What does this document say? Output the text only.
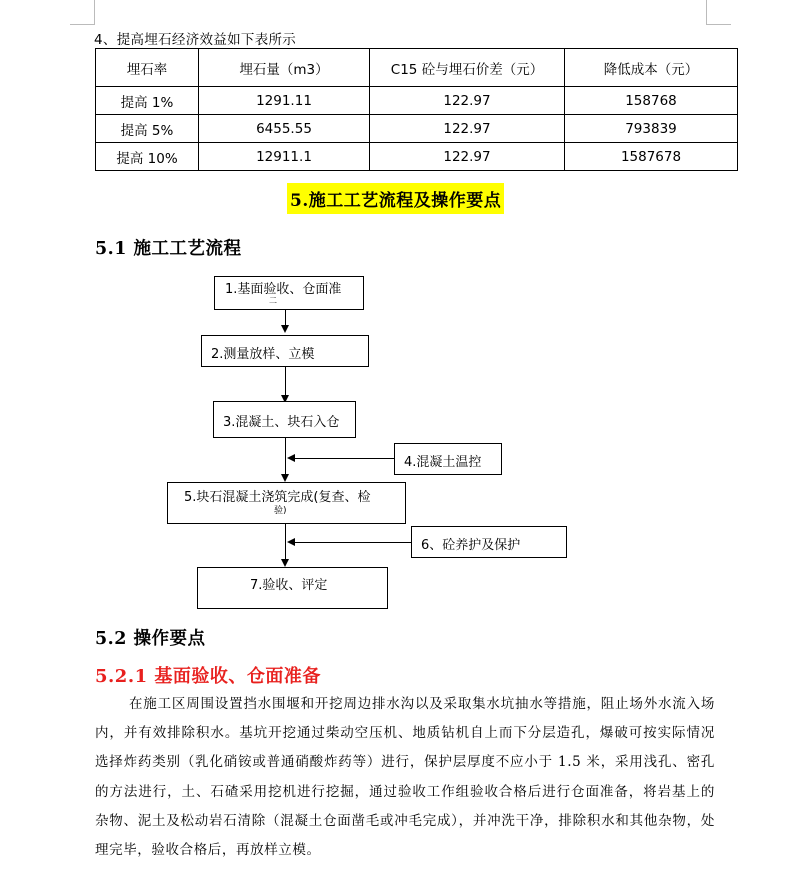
4、提高埋石经济效益如下表所示
埋石率	埋石量（m3）	C15 砼与埋石价差（元）	降低成本（元）
提高 1%	1291.11	122.97	158768
提高 5%	6455.55	122.97	793839
提高 10%	12911.1	122.97	1587678
5.施工工艺流程及操作要点
5.1 施工工艺流程
1.基面验收、仓面准
二
2.测量放样、立模
3.混凝土、块石入仓
4.混凝土温控
5.块石混凝土浇筑完成(复查、检
验)
6、砼养护及保护
7.验收、评定
5.2 操作要点
5.2.1 基面验收、仓面准备
在施工区周围设置挡水围堰和开挖周边排水沟以及采取集水坑抽水等措施，阻止场外水流入场内，并有效排除积水。基坑开挖通过柴动空压机、地质钻机自上而下分层造孔，爆破可按实际情况选择炸药类别（乳化硝铵或普通硝酸炸药等）进行，保护层厚度不应小于 1.5 米，采用浅孔、密孔的方法进行，土、石碴采用挖机进行挖掘，通过验收工作组验收合格后进行仓面准备，将岩基上的杂物、泥土及松动岩石清除（混凝土仓面凿毛或冲毛完成），并冲洗干净，排除积水和其他杂物，处理完毕，验收合格后，再放样立模。
